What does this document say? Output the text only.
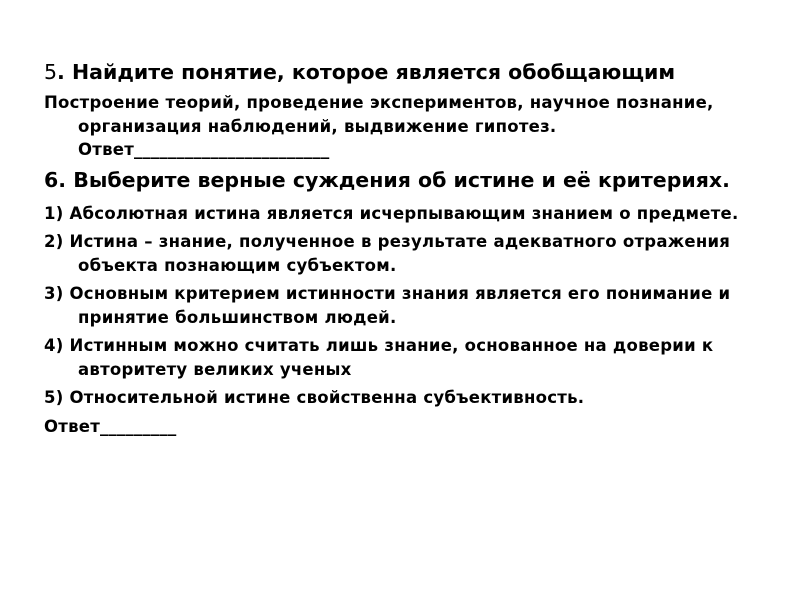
5. Найдите понятие, которое является обобщающим

Построение теорий, проведение экспериментов, научное познание, организация наблюдений, выдвижение гипотез.Ответ_______________________

6. Выберите верные суждения об истине и её критериях.

1) Абсолютная истина является исчерпывающим знанием о предмете.

2) Истина – знание, полученное в результате адекватного отражения объекта познающим субъектом.

3) Основным критерием истинности знания является его понимание и принятие большинством людей.

4) Истинным можно считать лишь знание, основанное на доверии к авторитету великих ученых

5) Относительной истине свойственна субъективность.

Ответ_________
